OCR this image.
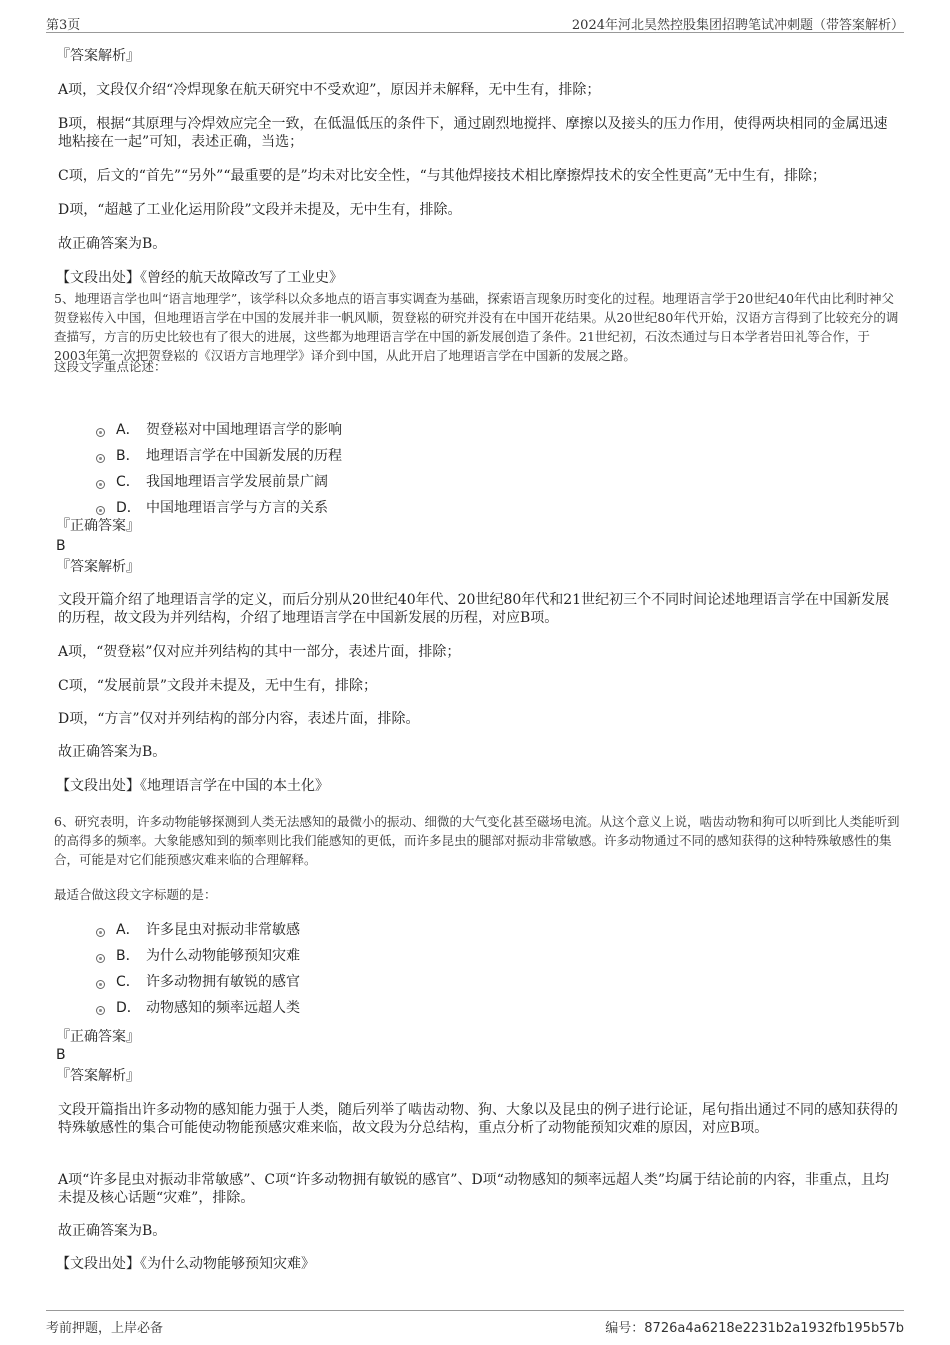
第3页	2024年河北昊然控股集团招聘笔试冲刺题（带答案解析）
『答案解析』
A项，文段仅介绍“冷焊现象在航天研究中不受欢迎”，原因并未解释，无中生有，排除；
B项，根据“其原理与冷焊效应完全一致，在低温低压的条件下，通过剧烈地搅拌、摩擦以及接头的压力作用，使得两块相同的金属迅速地粘接在一起”可知，表述正确，当选；
C项，后文的“首先”“另外”“最重要的是”均未对比安全性，“与其他焊接技术相比摩擦焊技术的安全性更高”无中生有，排除；
D项，“超越了工业化运用阶段”文段并未提及，无中生有，排除。
故正确答案为B。
【文段出处】《曾经的航天故障改写了工业史》
5、地理语言学也叫“语言地理学”，该学科以众多地点的语言事实调查为基础，探索语言现象历时变化的过程。地理语言学于20世纪40年代由比利时神父贺登崧传入中国，但地理语言学在中国的发展并非一帆风顺，贺登崧的研究并没有在中国开花结果。从20世纪80年代开始，汉语方言得到了比较充分的调查描写，方言的历史比较也有了很大的进展，这些都为地理语言学在中国的新发展创造了条件。21世纪初，石汝杰通过与日本学者岩田礼等合作，于2003年第一次把贺登崧的《汉语方言地理学》译介到中国，从此开启了地理语言学在中国新的发展之路。
这段文字重点论述：
A． 贺登崧对中国地理语言学的影响
B． 地理语言学在中国新发展的历程
C． 我国地理语言学发展前景广阔
D． 中国地理语言学与方言的关系
『正确答案』
B
『答案解析』
文段开篇介绍了地理语言学的定义，而后分别从20世纪40年代、20世纪80年代和21世纪初三个不同时间论述地理语言学在中国新发展的历程，故文段为并列结构，介绍了地理语言学在中国新发展的历程，对应B项。
A项，“贺登崧”仅对应并列结构的其中一部分，表述片面，排除；
C项，“发展前景”文段并未提及，无中生有，排除；
D项，“方言”仅对并列结构的部分内容，表述片面，排除。
故正确答案为B。
【文段出处】《地理语言学在中国的本土化》
6、研究表明，许多动物能够探测到人类无法感知的最微小的振动、细微的大气变化甚至磁场电流。从这个意义上说，啮齿动物和狗可以听到比人类能听到的高得多的频率。大象能感知到的频率则比我们能感知的更低，而许多昆虫的腿部对振动非常敏感。许多动物通过不同的感知获得的这种特殊敏感性的集合，可能是对它们能预感灾难来临的合理解释。
最适合做这段文字标题的是：
A． 许多昆虫对振动非常敏感
B． 为什么动物能够预知灾难
C． 许多动物拥有敏锐的感官
D． 动物感知的频率远超人类
『正确答案』
B
『答案解析』
文段开篇指出许多动物的感知能力强于人类，随后列举了啮齿动物、狗、大象以及昆虫的例子进行论证，尾句指出通过不同的感知获得的特殊敏感性的集合可能使动物能预感灾难来临，故文段为分总结构，重点分析了动物能预知灾难的原因，对应B项。
A项“许多昆虫对振动非常敏感”、C项“许多动物拥有敏锐的感官”、D项“动物感知的频率远超人类”均属于结论前的内容，非重点，且均未提及核心话题“灾难”，排除。
故正确答案为B。
【文段出处】《为什么动物能够预知灾难》
考前押题，上岸必备	编号：8726a4a6218e2231b2a1932fb195b57b
